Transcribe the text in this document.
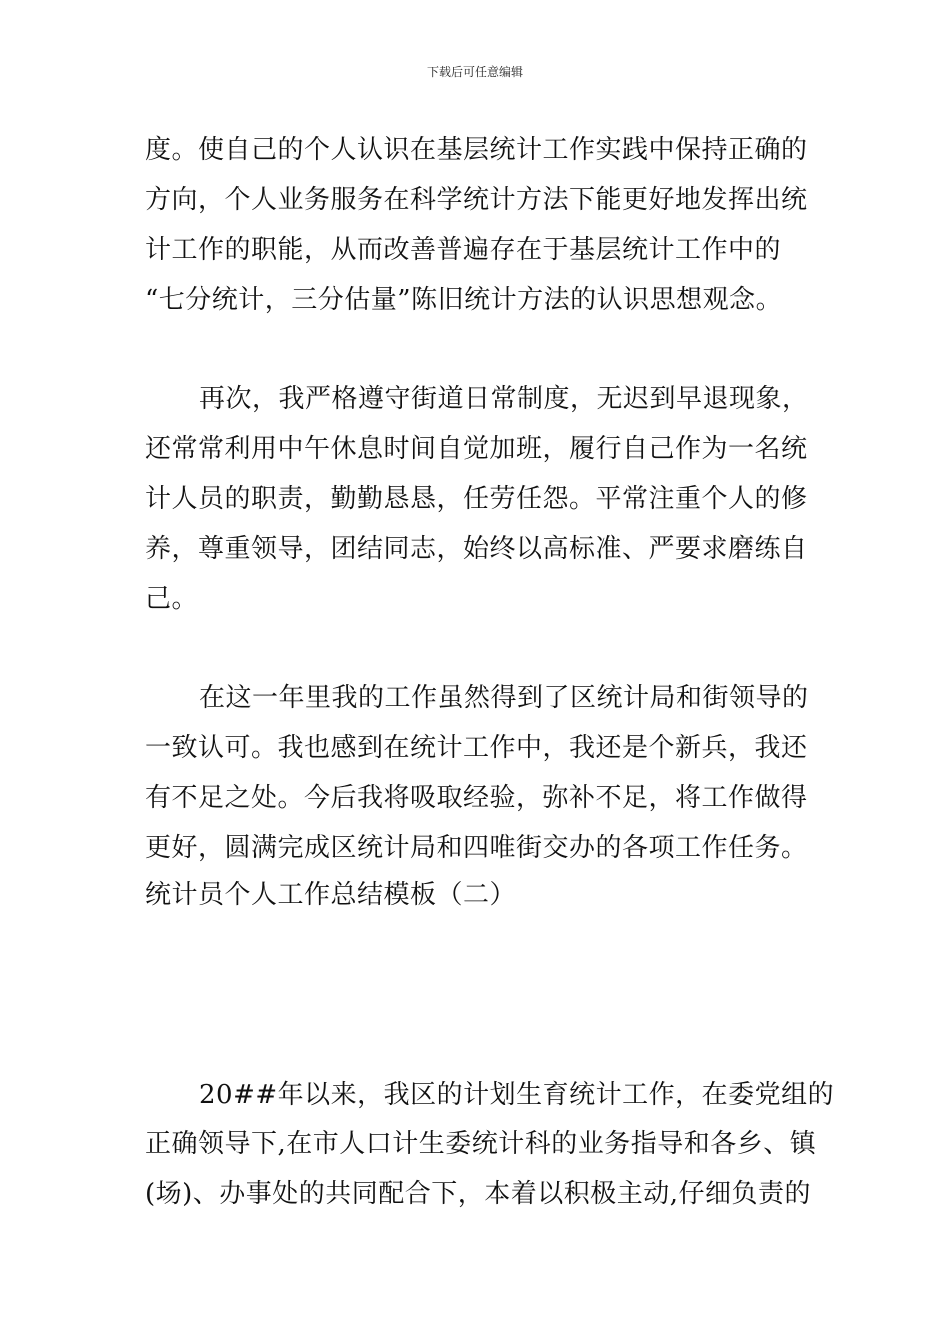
下载后可任意编辑
度。使自己的个人认识在基层统计工作实践中保持正确的
方向，个人业务服务在科学统计方法下能更好地发挥出统
计工作的职能，从而改善普遍存在于基层统计工作中的
“七分统计，三分估量”陈旧统计方法的认识思想观念。
再次，我严格遵守街道日常制度，无迟到早退现象，
还常常利用中午休息时间自觉加班，履行自己作为一名统
计人员的职责，勤勤恳恳，任劳任怨。平常注重个人的修
养，尊重领导，团结同志，始终以高标准、严要求磨练自
己。
在这一年里我的工作虽然得到了区统计局和街领导的
一致认可。我也感到在统计工作中，我还是个新兵，我还
有不足之处。今后我将吸取经验，弥补不足，将工作做得
更好，圆满完成区统计局和四唯街交办的各项工作任务。
统计员个人工作总结模板（二）
20##年以来，我区的计划生育统计工作，在委党组的
正确领导下,在市人口计生委统计科的业务指导和各乡、镇
(场)、办事处的共同配合下，本着以积极主动,仔细负责的
